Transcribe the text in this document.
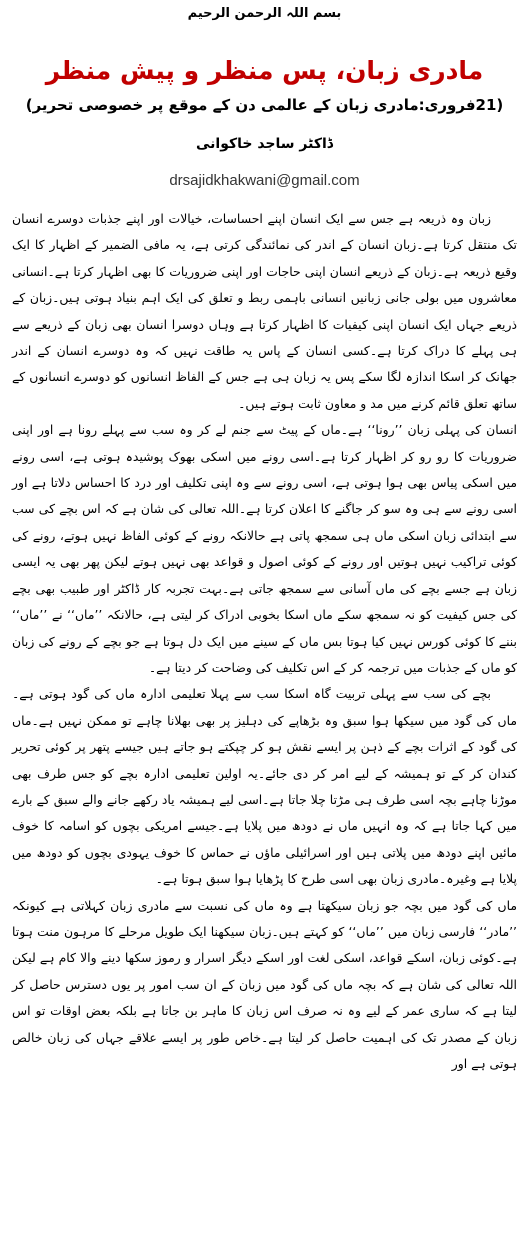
بسم اللہ الرحمن الرحیم
مادری زبان، پس منظر و پیش منظر
(21فروری:مادری زبان کے عالمی دن کے موقع پر خصوصی تحریر)
ڈاکٹر ساجد خاکوانی
drsajidkhakwani@gmail.com

زبان وہ ذریعہ ہے جس سے ایک انسان اپنے احساسات، خیالات اور اپنے جذبات دوسرے انسان تک منتقل کرتا ہے۔زبان انسان کے اندر کی نمائندگی کرتی ہے، یہ مافی الضمیر کے اظہار کا ایک وقیع ذریعہ ہے۔زبان کے ذریعے انسان اپنی حاجات اور اپنی ضروریات کا بھی اظہار کرتا ہے۔انسانی معاشروں میں بولی جانی زبانیں انسانی باہمی ربط و تعلق کی ایک اہم بنیاد ہوتی ہیں۔زبان کے ذریعے جہاں ایک انسان اپنی کیفیات کا اظہار کرتا ہے وہاں دوسرا انسان بھی زبان کے ذریعے سے ہی پہلے کا دراک کرتا ہے۔کسی انسان کے پاس یہ طاقت نہیں کہ وہ دوسرے انسان کے اندر جھانک کر اسکا اندازہ لگا سکے پس یہ زبان ہی ہے جس کے الفاظ انسانوں کو دوسرے انسانوں کے ساتھ تعلق قائم کرنے میں مد و معاون ثابت ہوتے ہیں۔

انسان کی پہلی زبان ’’رونا‘‘ ہے۔ماں کے پیٹ سے جنم لے کر وہ سب سے پہلے رونا ہے اور اپنی ضروریات کا رو رو کر اظہار کرتا ہے۔اسی رونے میں اسکی بھوک پوشیدہ ہوتی ہے، اسی رونے میں اسکی پیاس بھی ہوا ہوتی ہے، اسی رونے سے وہ اپنی تکلیف اور درد کا احساس دلاتا ہے اور اسی رونے سے ہی وہ سو کر جاگنے کا اعلان کرتا ہے۔اللہ تعالی کی شان ہے کہ اس بچے کی سب سے ابتدائی زبان اسکی ماں ہی سمجھ پاتی ہے حالانکہ رونے کے کوئی الفاظ نہیں ہوتے، رونے کی کوئی تراکیب نہیں ہوتیں اور رونے کے کوئی اصول و قواعد بھی نہیں ہوتے لیکن پھر بھی یہ ایسی زبان ہے جسے بچے کی ماں آسانی سے سمجھ جاتی ہے۔بہت تجربہ کار ڈاکٹر اور طبیب بھی بچے کی جس کیفیت کو نہ سمجھ سکے ماں اسکا بخوبی ادراک کر لیتی ہے، حالانکہ ’’ماں‘‘ نے ’’ماں‘‘ بننے کا کوئی کورس نہیں کیا ہوتا بس ماں کے سینے میں ایک دل ہوتا ہے جو بچے کے رونے کی زبان کو ماں کے جذبات میں ترجمہ کر کے اس تکلیف کی وضاحت کر دیتا ہے۔

بچے کی سب سے پہلی تربیت گاہ اسکا سب سے پہلا تعلیمی ادارہ ماں کی گود ہوتی ہے۔ماں کی گود میں سیکھا ہوا سبق وہ بڑھاپے کی دہلیز پر بھی بھلانا چاہے تو ممکن نہیں ہے۔ماں کی گود کے اثرات بچے کے ذہن پر ایسے نقش ہو کر چپکتے ہو جاتے ہیں جیسے پتھر پر کوئی تحریر کندان کر کے تو ہمیشہ کے لیے امر کر دی جائے۔یہ اولین تعلیمی ادارہ بچے کو جس طرف بھی موڑنا چاہے بچہ اسی طرف ہی مڑتا چلا جاتا ہے۔اسی لیے ہمیشہ یاد رکھے جانے والے سبق کے بارے میں کہا جاتا ہے کہ وہ انہیں ماں نے دودھ میں پلایا ہے۔جیسے امریکی بچوں کو اسامہ کا خوف مائیں اپنے دودھ میں پلاتی ہیں اور اسرائیلی ماؤں نے حماس کا خوف یہودی بچوں کو دودھ میں پلایا ہے وغیرہ۔مادری زبان بھی اسی طرح کا پڑھایا ہوا سبق ہوتا ہے۔

ماں کی گود میں بچہ جو زبان سیکھتا ہے وہ ماں کی نسبت سے مادری زبان کہلاتی ہے کیونکہ ’’مادر‘‘ فارسی زبان میں ’’ماں‘‘ کو کہتے ہیں۔زبان سیکھنا ایک طویل مرحلے کا مرہون منت ہوتا ہے۔کوئی زبان، اسکے قواعد، اسکی لغت اور اسکے دیگر اسرار و رموز سکھا دینے والا کام ہے لیکن اللہ تعالی کی شان ہے کہ بچہ ماں کی گود میں زبان کے ان سب امور پر یوں دسترس حاصل کر لیتا ہے کہ ساری عمر کے لیے وہ نہ صرف اس زبان کا ماہر بن جاتا ہے بلکہ بعض اوقات تو اس زبان کے مصدر تک کی اہمیت حاصل کر لیتا ہے۔خاص طور پر ایسے علاقے جہاں کی زبان خالص ہوتی ہے اور
